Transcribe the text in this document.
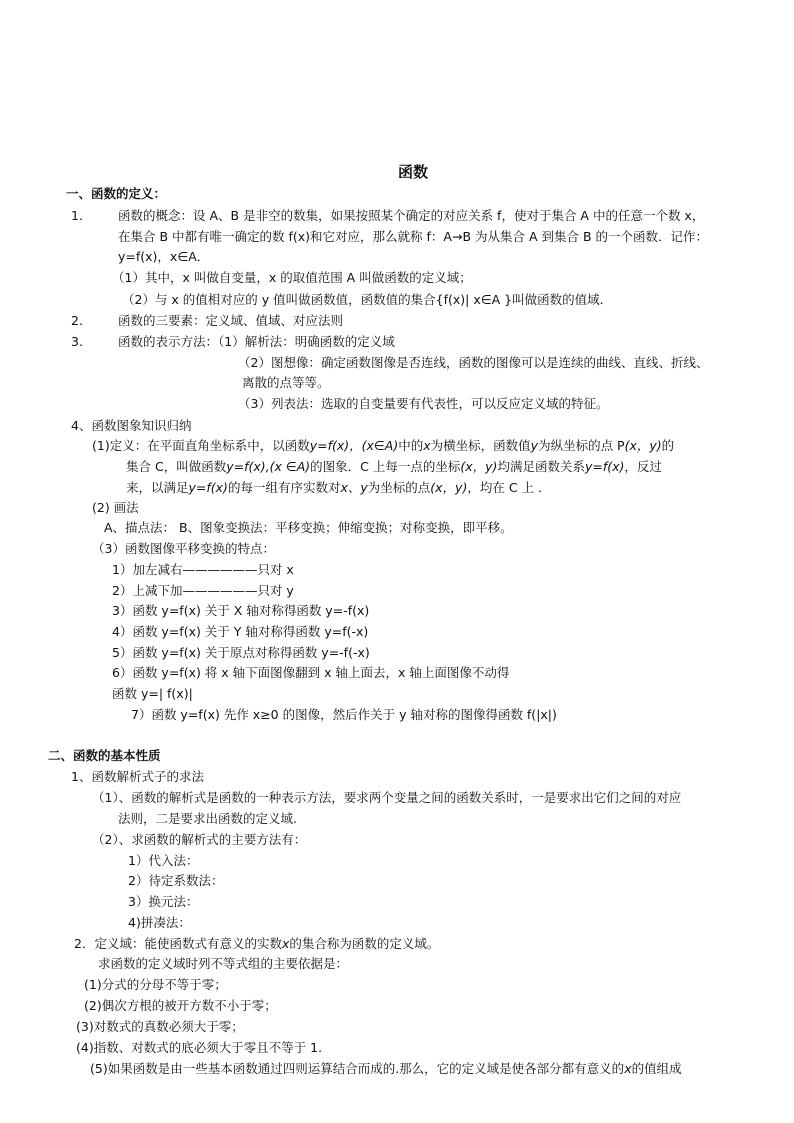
函数
一、函数的定义：
1.	函数的概念：设 A、B 是非空的数集，如果按照某个确定的对应关系 f，使对于集合 A 中的任意一个数 x，
在集合 B 中都有唯一确定的数 f(x)和它对应，那么就称 f：A→B 为从集合 A 到集合 B 的一个函数．记作：
y=f(x)，x∈A．
（1）其中，x 叫做自变量，x 的取值范围 A 叫做函数的定义域；
（2）与 x 的值相对应的 y 值叫做函数值，函数值的集合{f(x)| x∈A }叫做函数的值域．
2.	函数的三要素：定义域、值域、对应法则
3.	函数的表示方法：（1）解析法：明确函数的定义域
（2）图想像：确定函数图像是否连线，函数的图像可以是连续的曲线、直线、折线、
离散的点等等。
（3）列表法：选取的自变量要有代表性，可以反应定义域的特征。
4、函数图象知识归纳
(1)定义：在平面直角坐标系中，以函数y=f(x)，(x∈A)中的x为横坐标，函数值y为纵坐标的点 P(x，y)的
集合 C，叫做函数y=f(x),(x ∈A)的图象．C 上每一点的坐标(x，y)均满足函数关系y=f(x)，反过
来，以满足y=f(x)的每一组有序实数对x、y为坐标的点(x，y)，均在 C 上 ．
(2) 画法
A、描点法： B、图象变换法：平移变换；伸缩变换；对称变换，即平移。
（3）函数图像平移变换的特点：
1）加左减右——————只对 x
2）上减下加——————只对 y
3）函数 y=f(x) 关于 X 轴对称得函数 y=-f(x)
4）函数 y=f(x) 关于 Y 轴对称得函数 y=f(-x)
5）函数 y=f(x) 关于原点对称得函数 y=-f(-x)
6）函数 y=f(x) 将 x 轴下面图像翻到 x 轴上面去，x 轴上面图像不动得
函数 y=| f(x)|
7）函数 y=f(x) 先作 x≥0 的图像，然后作关于 y 轴对称的图像得函数 f(|x|)
二、函数的基本性质
1、函数解析式子的求法
（1）、函数的解析式是函数的一种表示方法，要求两个变量之间的函数关系时，一是要求出它们之间的对应
法则，二是要求出函数的定义域.
（2）、求函数的解析式的主要方法有：
1）代入法：
2）待定系数法：
3）换元法：
4)拼凑法：
2．定义域：能使函数式有意义的实数x的集合称为函数的定义域。
求函数的定义域时列不等式组的主要依据是：
(1)分式的分母不等于零；
(2)偶次方根的被开方数不小于零；
(3)对数式的真数必须大于零；
(4)指数、对数式的底必须大于零且不等于 1.
(5)如果函数是由一些基本函数通过四则运算结合而成的.那么，它的定义域是使各部分都有意义的x的值组成
